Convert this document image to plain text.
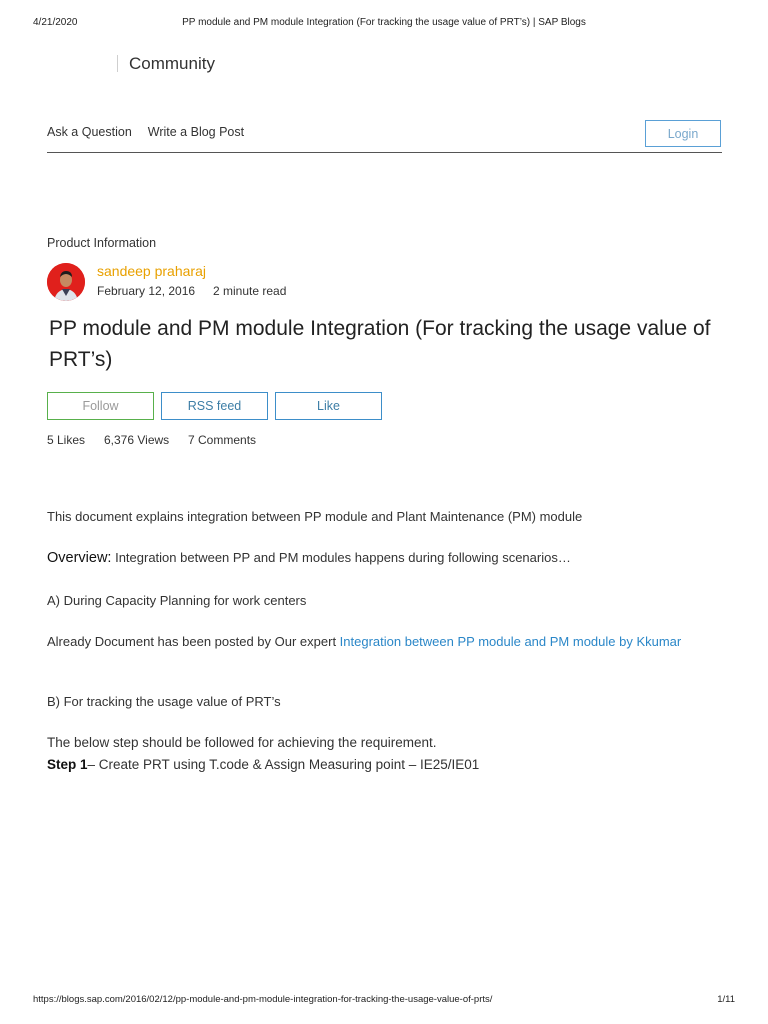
4/21/2020	PP module and PM module Integration (For tracking the usage value of PRT’s) | SAP Blogs
Community
Ask a Question Write a Blog Post	Login
Product Information
sandeep praharaj
February 12, 2016 2 minute read
PP module and PM module Integration (For tracking the usage value of PRT’s)
Follow	RSS feed	Like
5 Likes 6,376 Views 7 Comments
This document explains integration between PP module and Plant Maintenance (PM) module
Overview: Integration between PP and PM modules happens during following scenarios…
A) During Capacity Planning for work centers
Already Document has been posted by Our expert Integration between PP module and PM module by Kkumar
B) For tracking the usage value of PRT’s
The below step should be followed for achieving the requirement.
Step 1– Create PRT using T.code & Assign Measuring point – IE25/IE01
https://blogs.sap.com/2016/02/12/pp-module-and-pm-module-integration-for-tracking-the-usage-value-of-prts/	1/11
